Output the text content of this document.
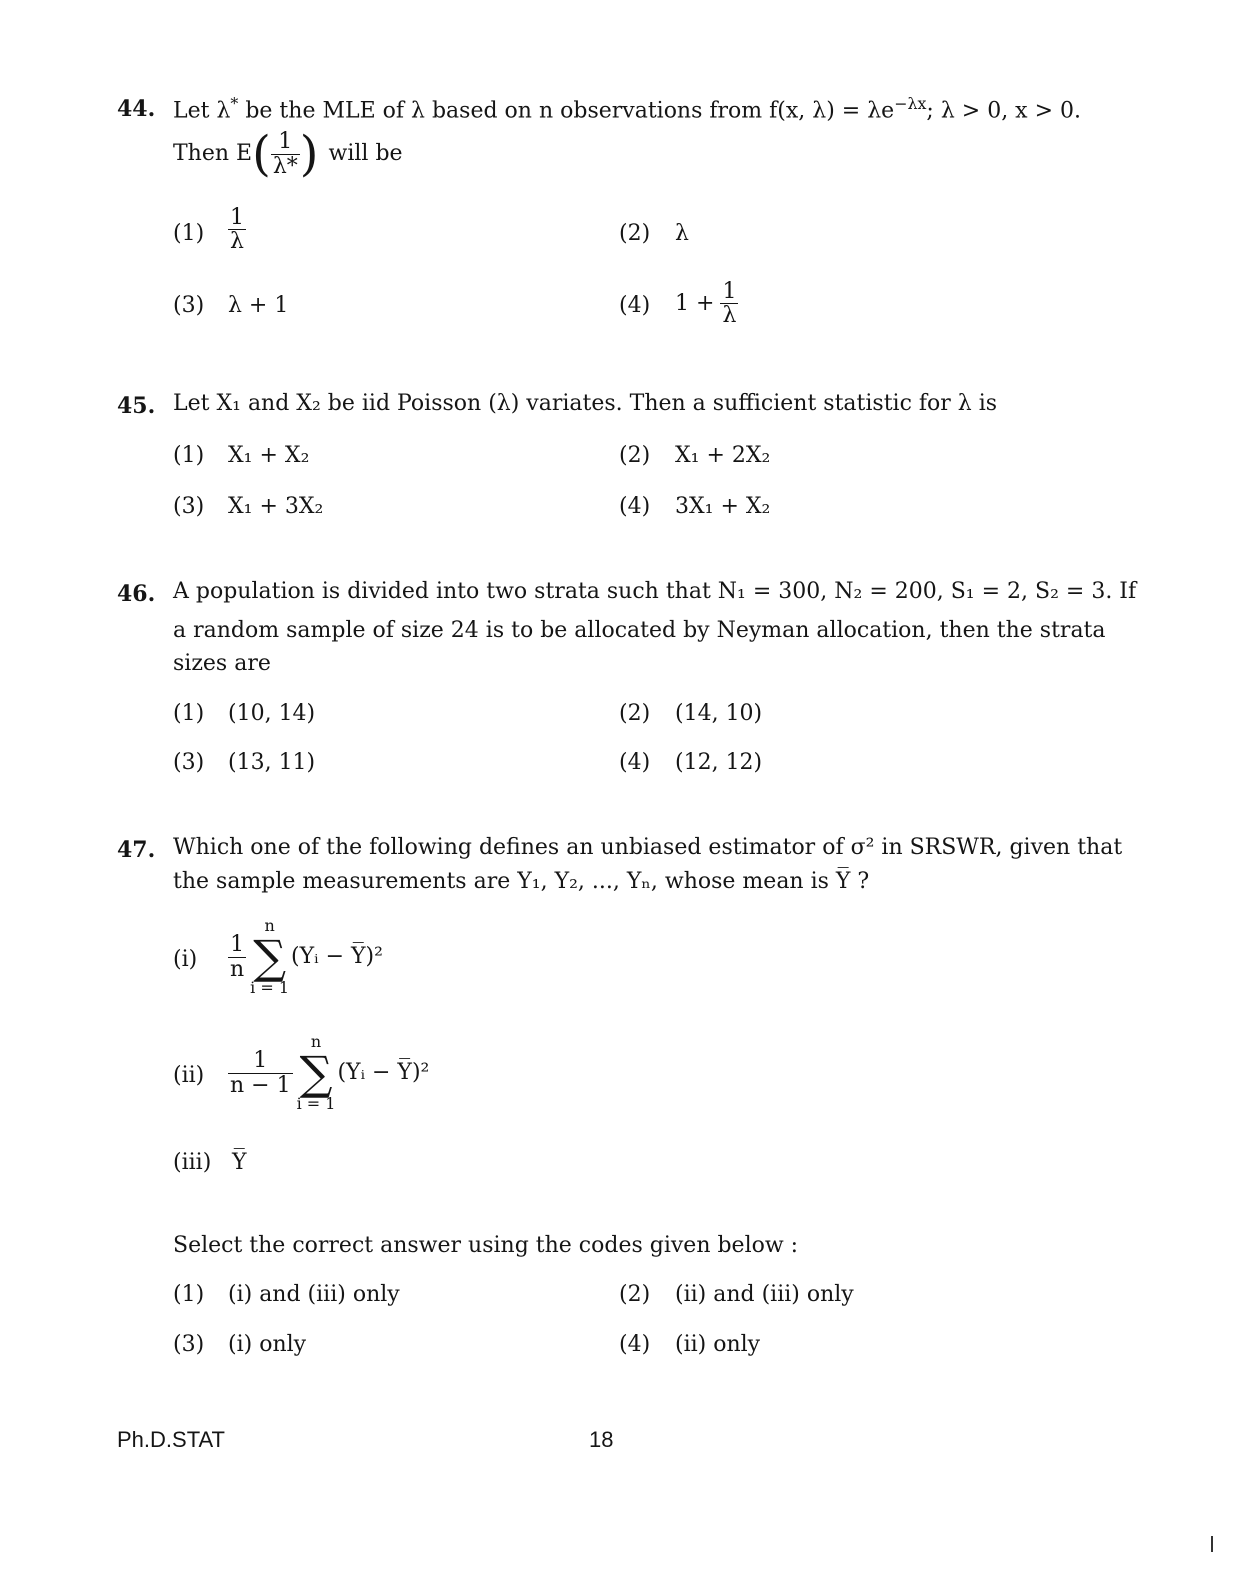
44. Let λ* be the MLE of λ based on n observations from f(x, $\lambda) = \lambda e^{-\lambda x}$; λ > 0, x > 0.
Then E ( $\frac{1}{\lambda*}$ ) will be
$(1) \frac{1}{\lambda}$	(2) λ
(3) λ + 1	(4) $1 + \frac{1}{\lambda}$
45. Let X₁ and X₂ be iid Poisson (λ) variates. Then a sufficient statistic for λ is
(1) X₁ + X₂	(2) X₁ + 2X₂
(3) X₁ + 3X₂	(4) 3X₁ + X₂
46. A population is divided into two strata such that N₁ = 300, N₂ = 200, S₁ = 2, S₂ = 3. If
a random sample of size 24 is to be allocated by Neyman allocation, then the strata
sizes are
(1) (10, 14)	(2) (14, 10)
(3) (13, 11)	(4) (12, 12)
47. Which one of the following defines an unbiased estimator of σ² in SRSWR, given that
the sample measurements are Y₁, Y₂, ..., Yₙ, whose mean is Y̅ ?
$(i) \frac{1}{n}$
n
∑
i = 1
(Yᵢ − Y̅)²
$(ii) \frac{1}{n - 1}$
n
∑
i = 1
(Yᵢ − Y̅)²
(iii) Y̅
Select the correct answer using the codes given below :
(1) (i) and (iii) only	(2) (ii) and (iii) only
(3) (i) only	(4) (ii) only
Ph.D.STAT	18
